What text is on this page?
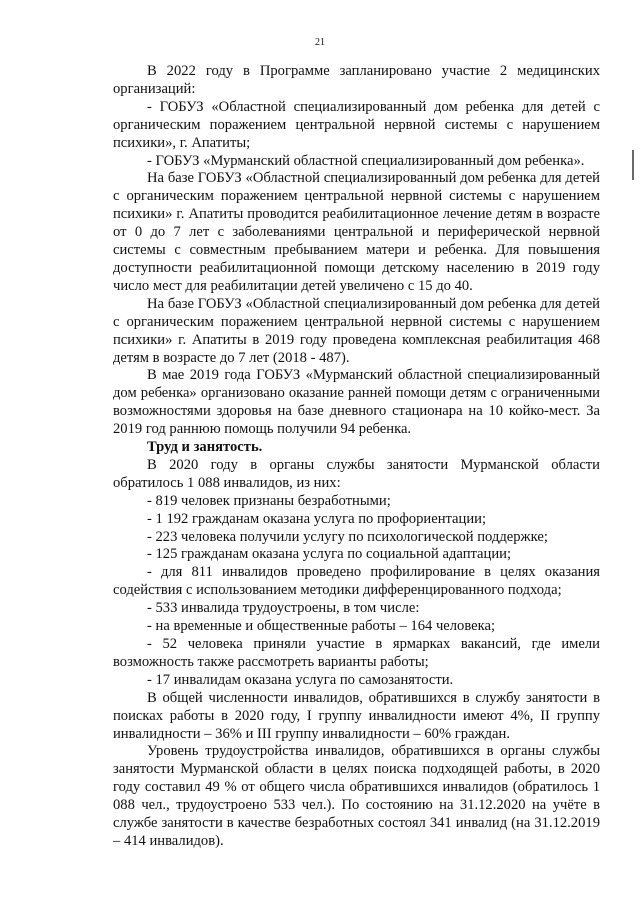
21

В 2022 году в Программе запланировано участие 2 медицинских организаций:

- ГОБУЗ «Областной специализированный дом ребенка для детей с органическим поражением центральной нервной системы с нарушением психики», г. Апатиты;

- ГОБУЗ «Мурманский областной специализированный дом ребенка».

На базе ГОБУЗ «Областной специализированный дом ребенка для детей с органическим поражением центральной нервной системы с нарушением психики» г. Апатиты проводится реабилитационное лечение детям в возрасте от 0 до 7 лет с заболеваниями центральной и периферической нервной системы с совместным пребыванием матери и ребенка. Для повышения доступности реабилитационной помощи детскому населению в 2019 году число мест для реабилитации детей увеличено с 15 до 40.

На базе ГОБУЗ «Областной специализированный дом ребенка для детей с органическим поражением центральной нервной системы с нарушением психики» г. Апатиты в 2019 году проведена комплексная реабилитация 468 детям в возрасте до 7 лет (2018 - 487).

В мае 2019 года ГОБУЗ «Мурманский областной специализированный дом ребенка» организовано оказание ранней помощи детям с ограниченными возможностями здоровья на базе дневного стационара на 10 койко-мест. За 2019 год раннюю помощь получили 94 ребенка.

Труд и занятость.

В 2020 году в органы службы занятости Мурманской области обратилось 1 088 инвалидов, из них:

- 819 человек признаны безработными;

- 1 192 гражданам оказана услуга по профориентации;

- 223 человека получили услугу по психологической поддержке;

- 125 гражданам оказана услуга по социальной адаптации;

- для 811 инвалидов проведено профилирование в целях оказания содействия с использованием методики дифференцированного подхода;

- 533 инвалида трудоустроены, в том числе:

- на временные и общественные работы – 164 человека;

- 52 человека приняли участие в ярмарках вакансий, где имели возможность также рассмотреть варианты работы;

- 17 инвалидам оказана услуга по самозанятости.

В общей численности инвалидов, обратившихся в службу занятости в поисках работы в 2020 году, I группу инвалидности имеют 4%, II группу инвалидности – 36% и III группу инвалидности – 60% граждан.

Уровень трудоустройства инвалидов, обратившихся в органы службы занятости Мурманской области в целях поиска подходящей работы, в 2020 году составил 49 % от общего числа обратившихся инвалидов (обратилось 1 088 чел., трудоустроено 533 чел.). По состоянию на 31.12.2020 на учёте в службе занятости в качестве безработных состоял 341 инвалид (на 31.12.2019 – 414 инвалидов).
